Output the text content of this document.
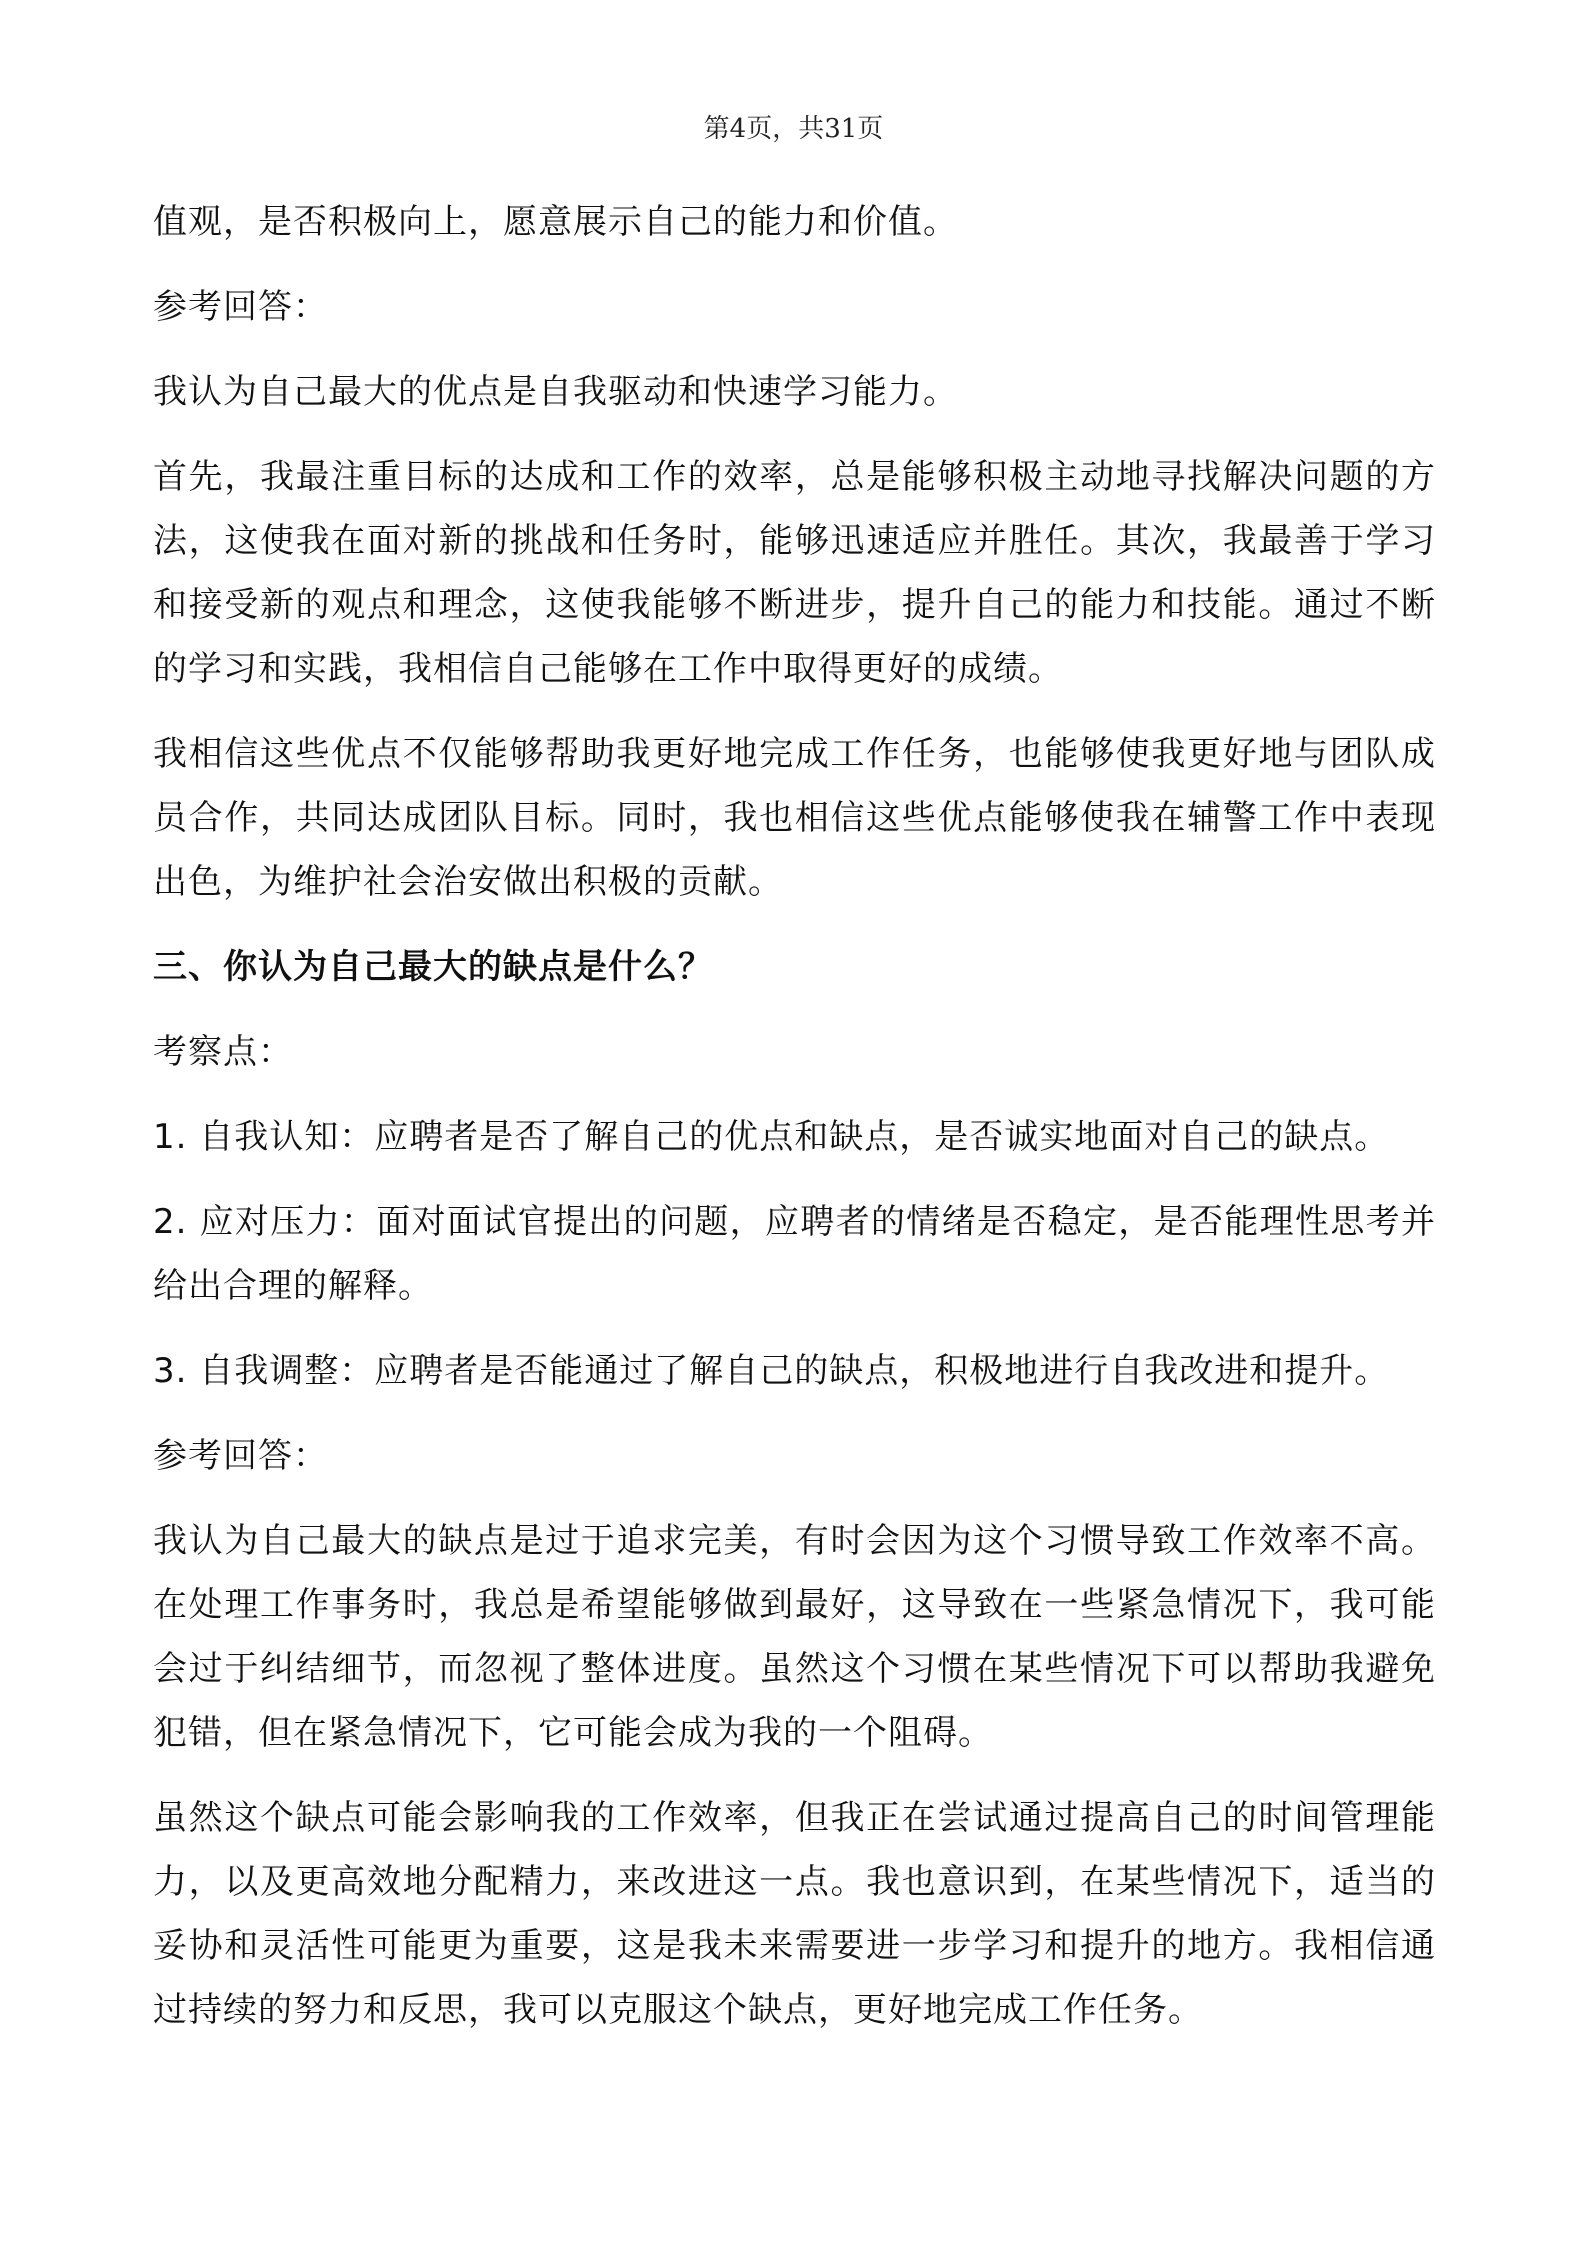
第4页，共31页

值观，是否积极向上，愿意展示自己的能力和价值。

参考回答：

我认为自己最大的优点是自我驱动和快速学习能力。

首先，我最注重目标的达成和工作的效率，总是能够积极主动地寻找解决问题的方法，这使我在面对新的挑战和任务时，能够迅速适应并胜任。其次，我最善于学习和接受新的观点和理念，这使我能够不断进步，提升自己的能力和技能。通过不断的学习和实践，我相信自己能够在工作中取得更好的成绩。

我相信这些优点不仅能够帮助我更好地完成工作任务，也能够使我更好地与团队成员合作，共同达成团队目标。同时，我也相信这些优点能够使我在辅警工作中表现出色，为维护社会治安做出积极的贡献。

三、你认为自己最大的缺点是什么？

考察点：

1. 自我认知：应聘者是否了解自己的优点和缺点，是否诚实地面对自己的缺点。

2. 应对压力：面对面试官提出的问题，应聘者的情绪是否稳定，是否能理性思考并给出合理的解释。

3. 自我调整：应聘者是否能通过了解自己的缺点，积极地进行自我改进和提升。

参考回答：

我认为自己最大的缺点是过于追求完美，有时会因为这个习惯导致工作效率不高。在处理工作事务时，我总是希望能够做到最好，这导致在一些紧急情况下，我可能会过于纠结细节，而忽视了整体进度。虽然这个习惯在某些情况下可以帮助我避免犯错，但在紧急情况下，它可能会成为我的一个阻碍。

虽然这个缺点可能会影响我的工作效率，但我正在尝试通过提高自己的时间管理能力，以及更高效地分配精力，来改进这一点。我也意识到，在某些情况下，适当的妥协和灵活性可能更为重要，这是我未来需要进一步学习和提升的地方。我相信通过持续的努力和反思，我可以克服这个缺点，更好地完成工作任务。
